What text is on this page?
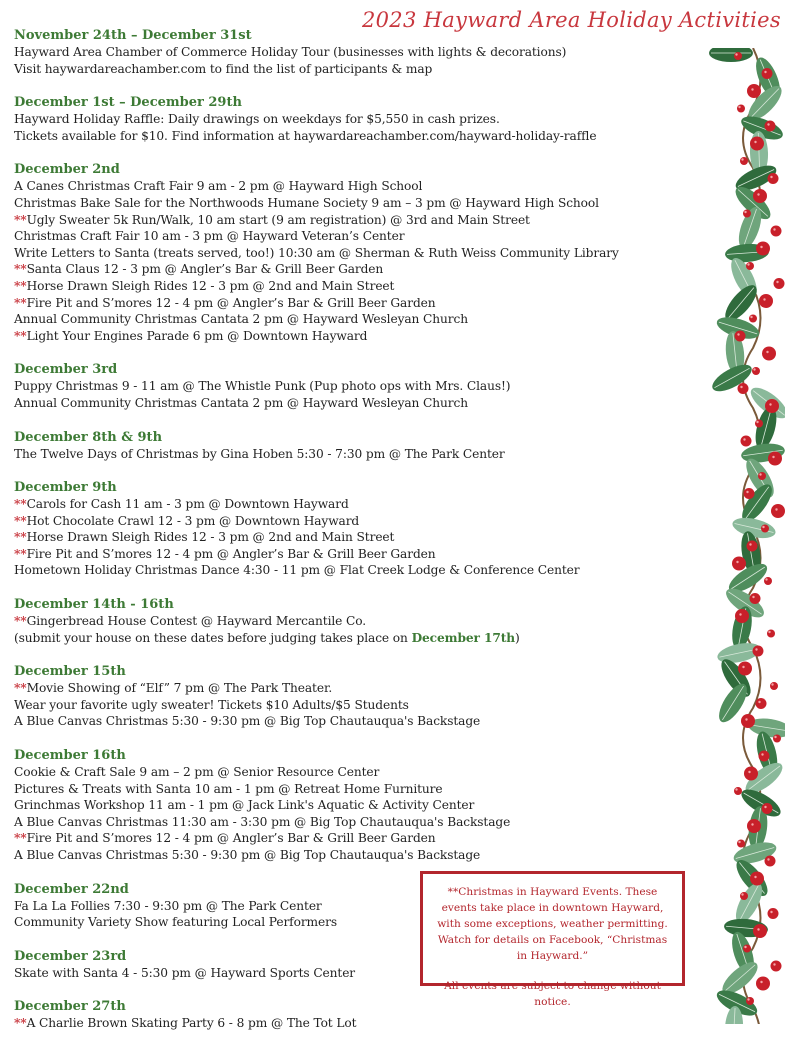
2023 Hayward Area Holiday Activities
November 24th – December 31st
Hayward Area Chamber of Commerce Holiday Tour (businesses with lights & decorations)
Visit haywardareachamber.com to find the list of participants & map
December 1st – December 29th
Hayward Holiday Raffle: Daily drawings on weekdays for $5,550 in cash prizes.
Tickets available for $10. Find information at haywardareachamber.com/hayward-holiday-raffle
December 2nd
A Canes Christmas Craft Fair 9 am - 2 pm @ Hayward High School
Christmas Bake Sale for the Northwoods Humane Society 9 am – 3 pm @ Hayward High School
**Ugly Sweater 5k Run/Walk, 10 am start (9 am registration) @ 3rd and Main Street
Christmas Craft Fair 10 am - 3 pm @ Hayward Veteran’s Center
Write Letters to Santa (treats served, too!) 10:30 am @ Sherman & Ruth Weiss Community Library
**Santa Claus 12 - 3 pm @ Angler’s Bar & Grill Beer Garden
**Horse Drawn Sleigh Rides 12 - 3 pm @ 2nd and Main Street
**Fire Pit and S’mores 12 - 4 pm @ Angler’s Bar & Grill Beer Garden
Annual Community Christmas Cantata 2 pm @ Hayward Wesleyan Church
**Light Your Engines Parade 6 pm @ Downtown Hayward
December 3rd
Puppy Christmas 9 - 11 am @ The Whistle Punk (Pup photo ops with Mrs. Claus!)
Annual Community Christmas Cantata 2 pm @ Hayward Wesleyan Church
December 8th & 9th
The Twelve Days of Christmas by Gina Hoben 5:30 - 7:30 pm @ The Park Center
December 9th
**Carols for Cash 11 am - 3 pm @ Downtown Hayward
**Hot Chocolate Crawl 12 - 3 pm @ Downtown Hayward
**Horse Drawn Sleigh Rides 12 - 3 pm @ 2nd and Main Street
**Fire Pit and S’mores 12 - 4 pm @ Angler’s Bar & Grill Beer Garden
Hometown Holiday Christmas Dance 4:30 - 11 pm @ Flat Creek Lodge & Conference Center
December 14th - 16th
**Gingerbread House Contest @ Hayward Mercantile Co.
(submit your house on these dates before judging takes place on December 17th)
December 15th
**Movie Showing of “Elf” 7 pm @ The Park Theater.
Wear your favorite ugly sweater! Tickets $10 Adults/$5 Students
A Blue Canvas Christmas 5:30 - 9:30 pm @ Big Top Chautauqua's Backstage
December 16th
Cookie & Craft Sale 9 am – 2 pm @ Senior Resource Center
Pictures & Treats with Santa 10 am - 1 pm @ Retreat Home Furniture
Grinchmas Workshop 11 am - 1 pm @ Jack Link's Aquatic & Activity Center
A Blue Canvas Christmas 11:30 am - 3:30 pm @ Big Top Chautauqua's Backstage
**Fire Pit and S’mores 12 - 4 pm @ Angler’s Bar & Grill Beer Garden
A Blue Canvas Christmas 5:30 - 9:30 pm @ Big Top Chautauqua's Backstage
December 22nd
Fa La La Follies 7:30 - 9:30 pm @ The Park Center
Community Variety Show featuring Local Performers
December 23rd
Skate with Santa 4 - 5:30 pm @ Hayward Sports Center
December 27th
**A Charlie Brown Skating Party 6 - 8 pm @ The Tot Lot

**Christmas in Hayward Events. These events take place in downtown Hayward, with some exceptions, weather permitting. Watch for details on Facebook, “Christmas in Hayward.”

All events are subject to change without notice.
